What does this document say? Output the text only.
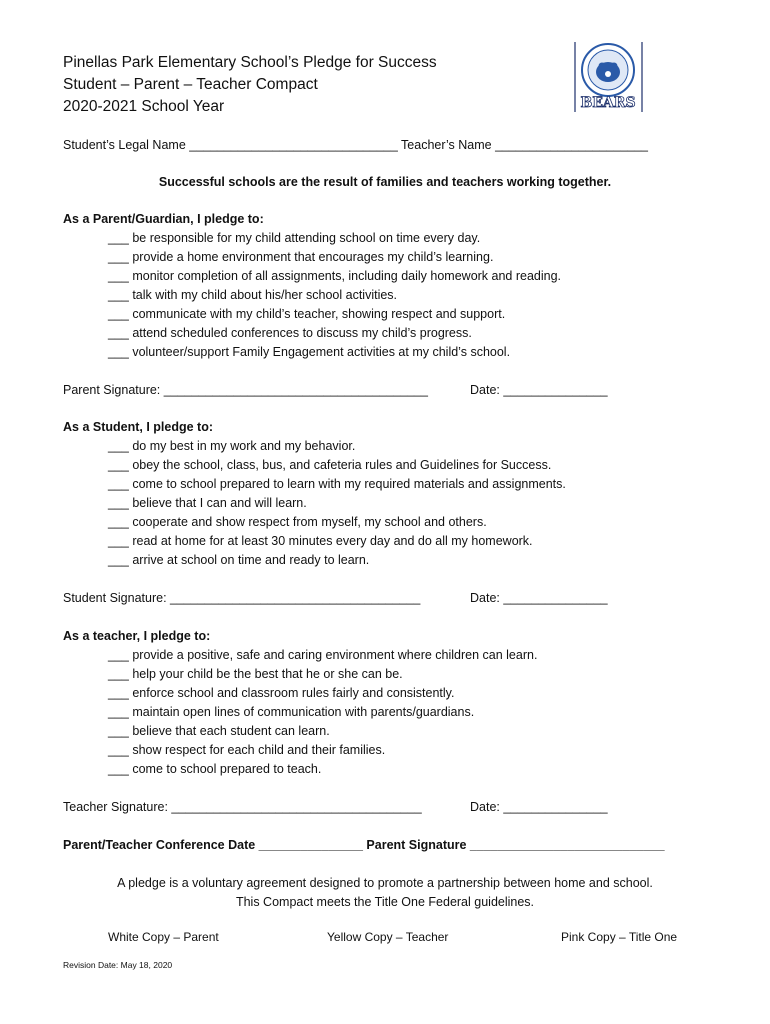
Pinellas Park Elementary School’s Pledge for Success
Student – Parent – Teacher Compact
2020-2021 School Year	BEARS
Student’s Legal Name ______________________________ Teacher’s Name ______________________
Successful schools are the result of families and teachers working together.
As a Parent/Guardian, I pledge to:
___ be responsible for my child attending school on time every day.
___ provide a home environment that encourages my child’s learning.
___ monitor completion of all assignments, including daily homework and reading.
___ talk with my child about his/her school activities.
___ communicate with my child’s teacher, showing respect and support.
___ attend scheduled conferences to discuss my child’s progress.
___ volunteer/support Family Engagement activities at my child’s school.
Parent Signature: ______________________________________	Date: _______________
As a Student, I pledge to:
___ do my best in my work and my behavior.
___ obey the school, class, bus, and cafeteria rules and Guidelines for Success.
___ come to school prepared to learn with my required materials and assignments.
___ believe that I can and will learn.
___ cooperate and show respect from myself, my school and others.
___ read at home for at least 30 minutes every day and do all my homework.
___ arrive at school on time and ready to learn.
Student Signature: ____________________________________	Date: _______________
As a teacher, I pledge to:
___ provide a positive, safe and caring environment where children can learn.
___ help your child be the best that he or she can be.
___ enforce school and classroom rules fairly and consistently.
___ maintain open lines of communication with parents/guardians.
___ believe that each student can learn.
___ show respect for each child and their families.
___ come to school prepared to teach.
Teacher Signature: ____________________________________	Date: _______________
Parent/Teacher Conference Date _______________ Parent Signature ____________________________
A pledge is a voluntary agreement designed to promote a partnership between home and school.
This Compact meets the Title One Federal guidelines.
White Copy – Parent	Yellow Copy – Teacher	Pink Copy – Title One
Revision Date: May 18, 2020
